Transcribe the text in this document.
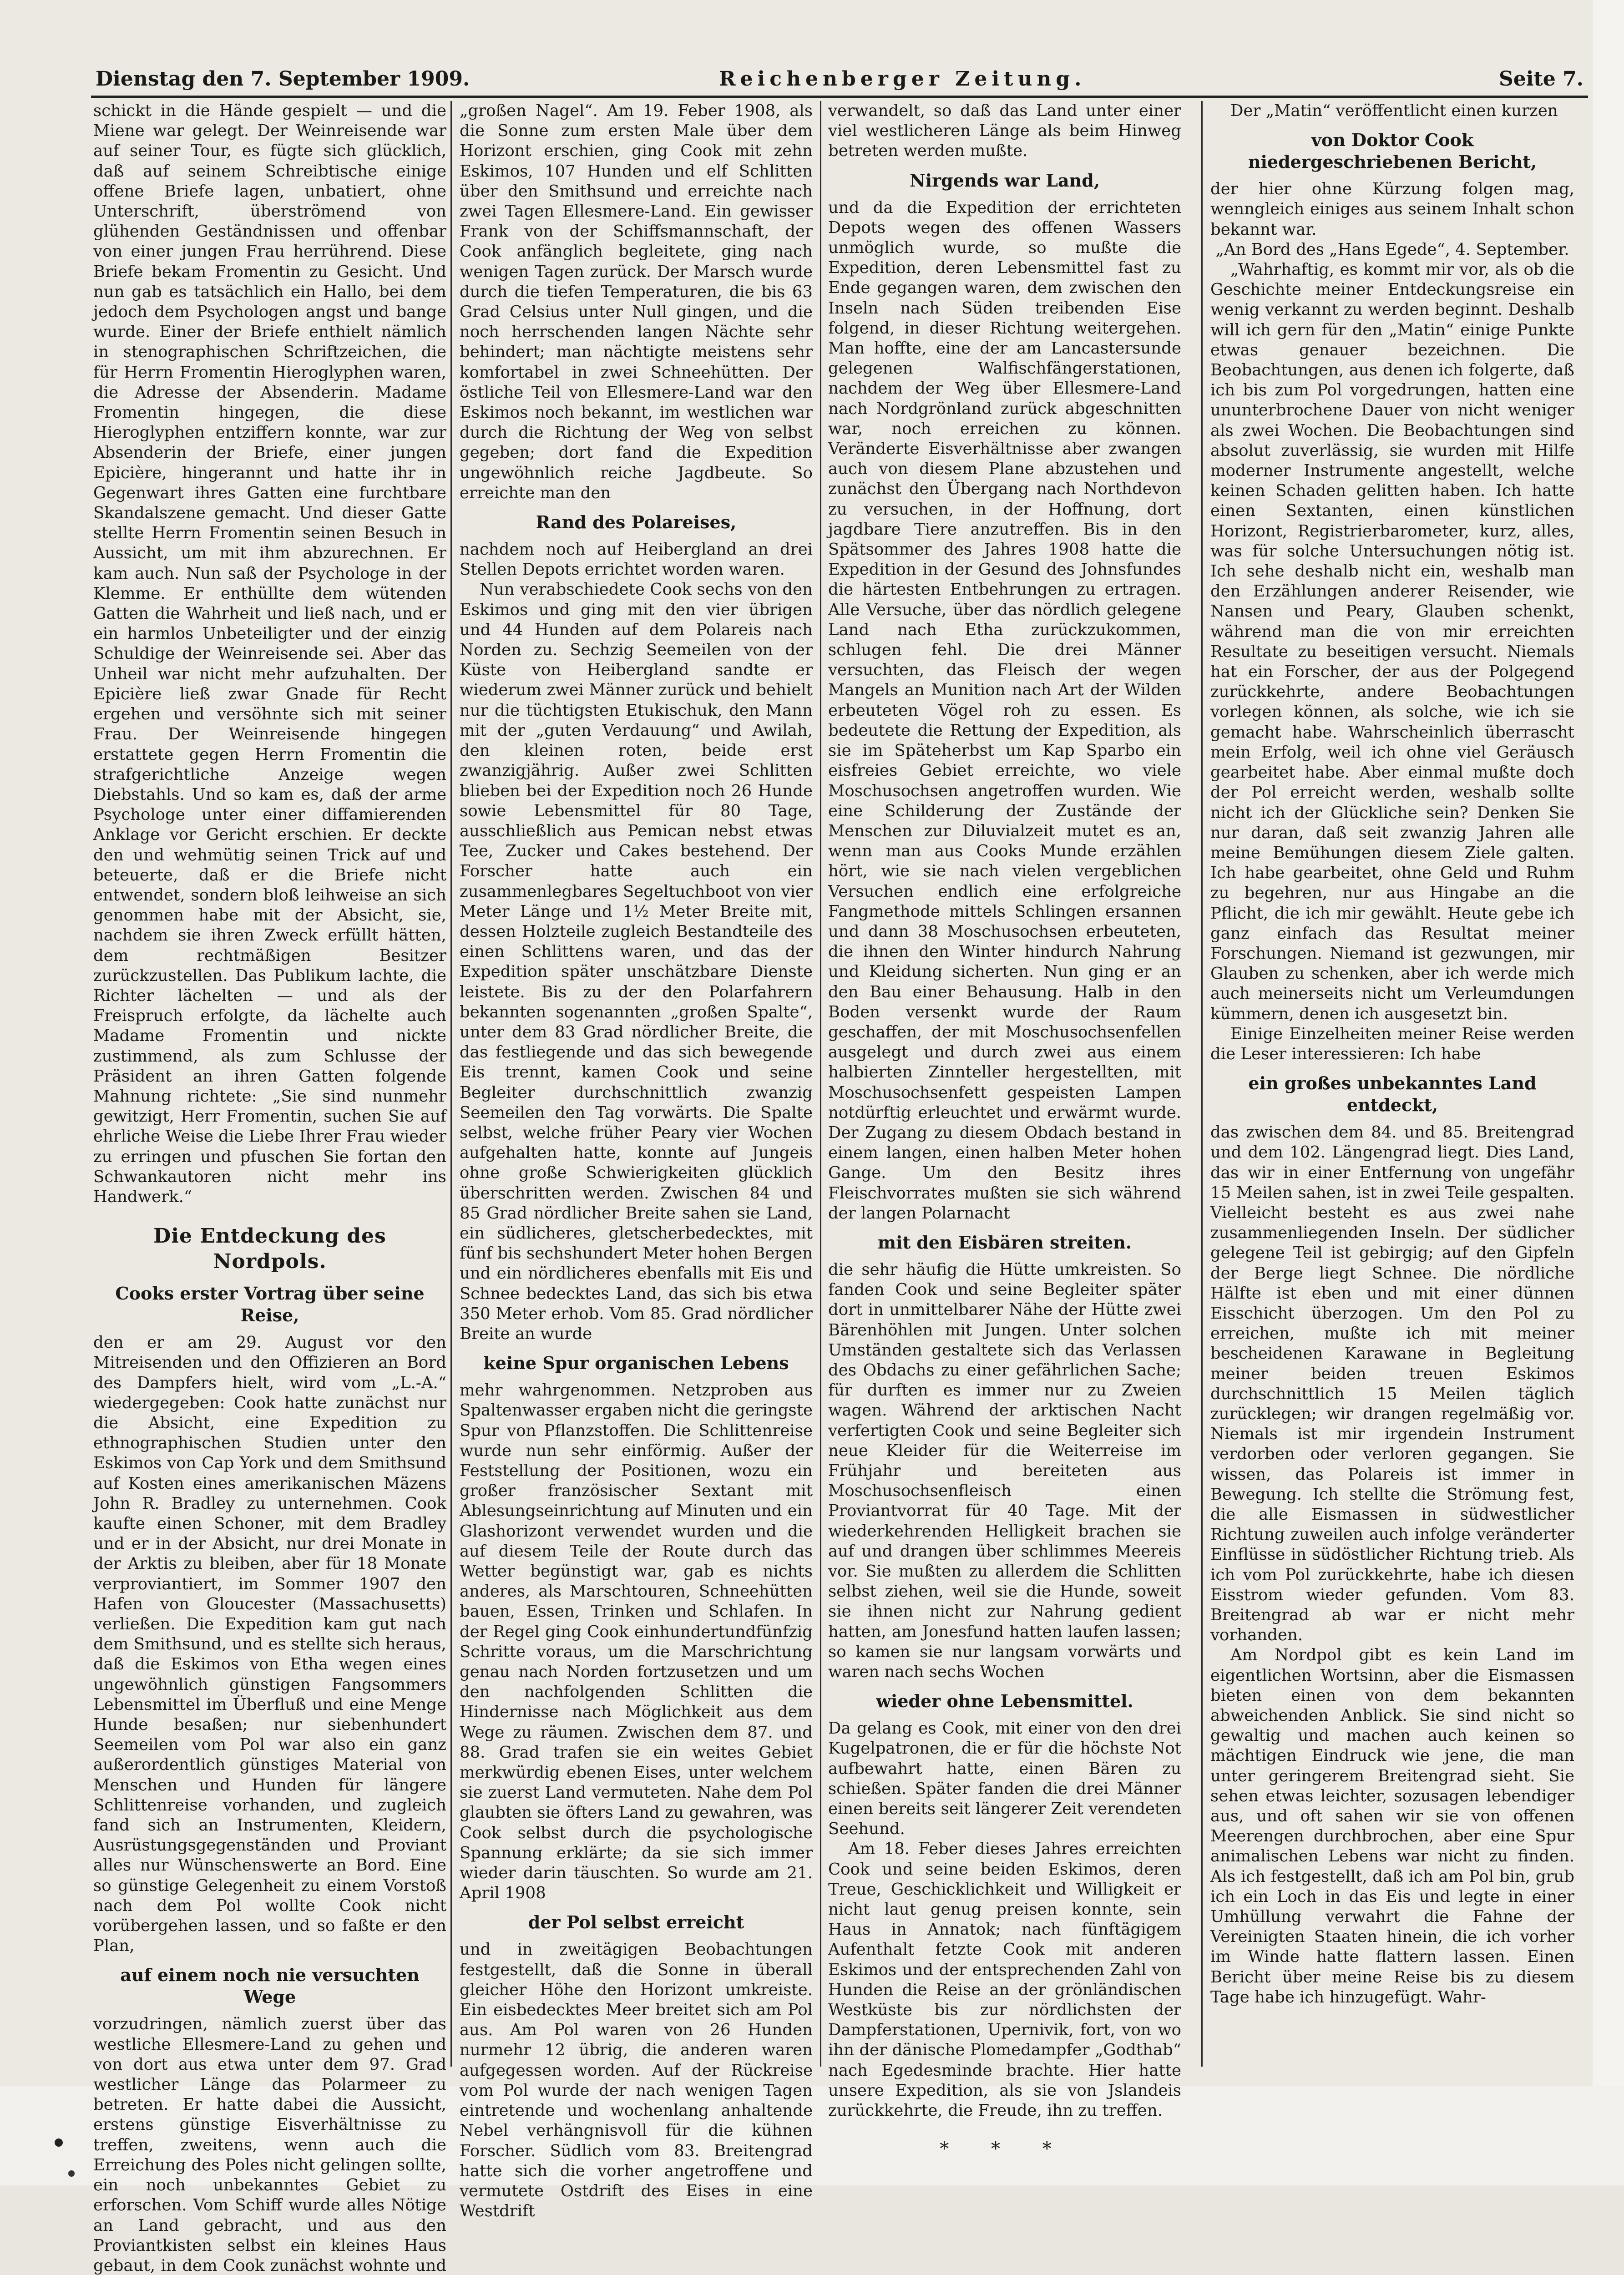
Dienstag den 7. September 1909.	Reichenberger Zeitung.	Seite 7.

schickt in die Hände gespielt — und die Miene war gelegt. Der Weinreisende war auf seiner Tour, es fügte sich glücklich, daß auf seinem Schreibtische einige offene Briefe lagen, unbatiert, ohne Unterschrift, überströmend von glühenden Geständnissen und offenbar von einer jungen Frau herrührend. Diese Briefe bekam Fromentin zu Gesicht. Und nun gab es tatsächlich ein Hallo, bei dem jedoch dem Psychologen angst und bange wurde. Einer der Briefe enthielt nämlich in stenographischen Schriftzeichen, die für Herrn Fromentin Hieroglyphen waren, die Adresse der Absenderin. Madame Fromentin hingegen, die diese Hieroglyphen entziffern konnte, war zur Absenderin der Briefe, einer jungen Epicière, hingerannt und hatte ihr in Gegenwart ihres Gatten eine furchtbare Skandalszene gemacht. Und dieser Gatte stellte Herrn Fromentin seinen Besuch in Aussicht, um mit ihm abzurechnen. Er kam auch. Nun saß der Psychologe in der Klemme. Er enthüllte dem wütenden Gatten die Wahrheit und ließ nach, und er ein harmlos Unbeteiligter und der einzig Schuldige der Weinreisende sei. Aber das Unheil war nicht mehr aufzuhalten. Der Epicière ließ zwar Gnade für Recht ergehen und versöhnte sich mit seiner Frau. Der Weinreisende hingegen erstattete gegen Herrn Fromentin die strafgerichtliche Anzeige wegen Diebstahls. Und so kam es, daß der arme Psychologe unter einer diffamierenden Anklage vor Gericht erschien. Er deckte den und wehmütig seinen Trick auf und beteuerte, daß er die Briefe nicht entwendet, sondern bloß leihweise an sich genommen habe mit der Absicht, sie, nachdem sie ihren Zweck erfüllt hätten, dem rechtmäßigen Besitzer zurückzustellen. Das Publikum lachte, die Richter lächelten — und als der Freispruch erfolgte, da lächelte auch Madame Fromentin und nickte zustimmend, als zum Schlusse der Präsident an ihren Gatten folgende Mahnung richtete: „Sie sind nunmehr gewitzigt, Herr Fromentin, suchen Sie auf ehrliche Weise die Liebe Ihrer Frau wieder zu erringen und pfuschen Sie fortan den Schwankautoren nicht mehr ins Handwerk.“

Die Entdeckung des Nordpols.
Cooks erster Vortrag über seine Reise,

den er am 29. August vor den Mitreisenden und den Offizieren an Bord des Dampfers hielt, wird vom „L.-A.“ wiedergegeben: Cook hatte zunächst nur die Absicht, eine Expedition zu ethnographischen Studien unter den Eskimos von Cap York und dem Smithsund auf Kosten eines amerikanischen Mäzens John R. Bradley zu unternehmen. Cook kaufte einen Schoner, mit dem Bradley und er in der Absicht, nur drei Monate in der Arktis zu bleiben, aber für 18 Monate verproviantiert, im Sommer 1907 den Hafen von Gloucester (Massachusetts) verließen. Die Expedition kam gut nach dem Smithsund, und es stellte sich heraus, daß die Eskimos von Etha wegen eines ungewöhnlich günstigen Fangsommers Lebensmittel im Überfluß und eine Menge Hunde besaßen; nur siebenhundert Seemeilen vom Pol war also ein ganz außerordentlich günstiges Material von Menschen und Hunden für längere Schlittenreise vorhanden, und zugleich fand sich an Instrumenten, Kleidern, Ausrüstungsgegenständen und Proviant alles nur Wünschenswerte an Bord. Eine so günstige Gelegenheit zu einem Vorstoß nach dem Pol wollte Cook nicht vorübergehen lassen, und so faßte er den Plan,

auf einem noch nie versuchten Wege

vorzudringen, nämlich zuerst über das westliche Ellesmere-Land zu gehen und von dort aus etwa unter dem 97. Grad westlicher Länge das Polarmeer zu betreten. Er hatte dabei die Aussicht, erstens günstige Eisverhältnisse zu treffen, zweitens, wenn auch die Erreichung des Poles nicht gelingen sollte, ein noch unbekanntes Gebiet zu erforschen. Vom Schiff wurde alles Nötige an Land gebracht, und aus den Proviantkisten selbst ein kleines Haus gebaut, in dem Cook zunächst wohnte und

„großen Nagel“. Am 19. Feber 1908, als die Sonne zum ersten Male über dem Horizont erschien, ging Cook mit zehn Eskimos, 107 Hunden und elf Schlitten über den Smithsund und erreichte nach zwei Tagen Ellesmere-Land. Ein gewisser Frank von der Schiffsmannschaft, der Cook anfänglich begleitete, ging nach wenigen Tagen zurück. Der Marsch wurde durch die tiefen Temperaturen, die bis 63 Grad Celsius unter Null gingen, und die noch herrschenden langen Nächte sehr behindert; man nächtigte meistens sehr komfortabel in zwei Schneehütten. Der östliche Teil von Ellesmere-Land war den Eskimos noch bekannt, im westlichen war durch die Richtung der Weg von selbst gegeben; dort fand die Expedition ungewöhnlich reiche Jagdbeute. So erreichte man den

Rand des Polareises,

nachdem noch auf Heibergland an drei Stellen Depots errichtet worden waren.

Nun verabschiedete Cook sechs von den Eskimos und ging mit den vier übrigen und 44 Hunden auf dem Polareis nach Norden zu. Sechzig Seemeilen von der Küste von Heibergland sandte er wiederum zwei Männer zurück und behielt nur die tüchtigsten Etukischuk, den Mann mit der „guten Verdauung“ und Awilah, den kleinen roten, beide erst zwanzigjährig. Außer zwei Schlitten blieben bei der Expedition noch 26 Hunde sowie Lebensmittel für 80 Tage, ausschließlich aus Pemican nebst etwas Tee, Zucker und Cakes bestehend. Der Forscher hatte auch ein zusammenlegbares Segeltuchboot von vier Meter Länge und 1½ Meter Breite mit, dessen Holzteile zugleich Bestandteile des einen Schlittens waren, und das der Expedition später unschätzbare Dienste leistete. Bis zu der den Polarfahrern bekannten sogenannten „großen Spalte“, unter dem 83 Grad nördlicher Breite, die das festliegende und das sich bewegende Eis trennt, kamen Cook und seine Begleiter durchschnittlich zwanzig Seemeilen den Tag vorwärts. Die Spalte selbst, welche früher Peary vier Wochen aufgehalten hatte, konnte auf Jungeis ohne große Schwierigkeiten glücklich überschritten werden. Zwischen 84 und 85 Grad nördlicher Breite sahen sie Land, ein südlicheres, gletscherbedecktes, mit fünf bis sechshundert Meter hohen Bergen und ein nördlicheres ebenfalls mit Eis und Schnee bedecktes Land, das sich bis etwa 350 Meter erhob. Vom 85. Grad nördlicher Breite an wurde

keine Spur organischen Lebens

mehr wahrgenommen. Netzproben aus Spaltenwasser ergaben nicht die geringste Spur von Pflanzstoffen. Die Schlittenreise wurde nun sehr einförmig. Außer der Feststellung der Positionen, wozu ein großer französischer Sextant mit Ablesungseinrichtung auf Minuten und ein Glashorizont verwendet wurden und die auf diesem Teile der Route durch das Wetter begünstigt war, gab es nichts anderes, als Marschtouren, Schneehütten bauen, Essen, Trinken und Schlafen. In der Regel ging Cook einhundertundfünfzig Schritte voraus, um die Marschrichtung genau nach Norden fortzusetzen und um den nachfolgenden Schlitten die Hindernisse nach Möglichkeit aus dem Wege zu räumen. Zwischen dem 87. und 88. Grad trafen sie ein weites Gebiet merkwürdig ebenen Eises, unter welchem sie zuerst Land vermuteten. Nahe dem Pol glaubten sie öfters Land zu gewahren, was Cook selbst durch die psychologische Spannung erklärte; da sie sich immer wieder darin täuschten. So wurde am 21. April 1908

der Pol selbst erreicht

und in zweitägigen Beobachtungen festgestellt, daß die Sonne in überall gleicher Höhe den Horizont umkreiste. Ein eisbedecktes Meer breitet sich am Pol aus. Am Pol waren von 26 Hunden nurmehr 12 übrig, die anderen waren aufgegessen worden. Auf der Rückreise vom Pol wurde der nach wenigen Tagen eintretende und wochenlang anhaltende Nebel verhängnisvoll für die kühnen Forscher. Südlich vom 83. Breitengrad hatte sich die vorher angetroffene und vermutete Ostdrift des Eises in eine Westdrift

verwandelt, so daß das Land unter einer viel westlicheren Länge als beim Hinweg betreten werden mußte.

Nirgends war Land,

und da die Expedition der errichteten Depots wegen des offenen Wassers unmöglich wurde, so mußte die Expedition, deren Lebensmittel fast zu Ende gegangen waren, dem zwischen den Inseln nach Süden treibenden Eise folgend, in dieser Richtung weitergehen. Man hoffte, eine der am Lancastersunde gelegenen Walfischfängerstationen, nachdem der Weg über Ellesmere-Land nach Nordgrönland zurück abgeschnitten war, noch erreichen zu können. Veränderte Eisverhältnisse aber zwangen auch von diesem Plane abzustehen und zunächst den Übergang nach Northdevon zu versuchen, in der Hoffnung, dort jagdbare Tiere anzutreffen. Bis in den Spätsommer des Jahres 1908 hatte die Expedition in der Gesund des Johnsfundes die härtesten Entbehrungen zu ertragen. Alle Versuche, über das nördlich gelegene Land nach Etha zurückzukommen, schlugen fehl. Die drei Männer versuchten, das Fleisch der wegen Mangels an Munition nach Art der Wilden erbeuteten Vögel roh zu essen. Es bedeutete die Rettung der Expedition, als sie im Späteherbst um Kap Sparbo ein eisfreies Gebiet erreichte, wo viele Moschusochsen angetroffen wurden. Wie eine Schilderung der Zustände der Menschen zur Diluvialzeit mutet es an, wenn man aus Cooks Munde erzählen hört, wie sie nach vielen vergeblichen Versuchen endlich eine erfolgreiche Fangmethode mittels Schlingen ersannen und dann 38 Moschusochsen erbeuteten, die ihnen den Winter hindurch Nahrung und Kleidung sicherten. Nun ging er an den Bau einer Behausung. Halb in den Boden versenkt wurde der Raum geschaffen, der mit Moschusochsenfellen ausgelegt und durch zwei aus einem halbierten Zinnteller hergestellten, mit Moschusochsenfett gespeisten Lampen notdürftig erleuchtet und erwärmt wurde. Der Zugang zu diesem Obdach bestand in einem langen, einen halben Meter hohen Gange. Um den Besitz ihres Fleischvorrates mußten sie sich während der langen Polarnacht

mit den Eisbären streiten.

die sehr häufig die Hütte umkreisten. So fanden Cook und seine Begleiter später dort in unmittelbarer Nähe der Hütte zwei Bärenhöhlen mit Jungen. Unter solchen Umständen gestaltete sich das Verlassen des Obdachs zu einer gefährlichen Sache; für durften es immer nur zu Zweien wagen. Während der arktischen Nacht verfertigten Cook und seine Begleiter sich neue Kleider für die Weiterreise im Frühjahr und bereiteten aus Moschusochsenfleisch einen Proviantvorrat für 40 Tage. Mit der wiederkehrenden Helligkeit brachen sie auf und drangen über schlimmes Meereis vor. Sie mußten zu allerdem die Schlitten selbst ziehen, weil sie die Hunde, soweit sie ihnen nicht zur Nahrung gedient hatten, am Jonesfund hatten laufen lassen; so kamen sie nur langsam vorwärts und waren nach sechs Wochen

wieder ohne Lebensmittel.

Da gelang es Cook, mit einer von den drei Kugelpatronen, die er für die höchste Not aufbewahrt hatte, einen Bären zu schießen. Später fanden die drei Männer einen bereits seit längerer Zeit verendeten Seehund.

Am 18. Feber dieses Jahres erreichten Cook und seine beiden Eskimos, deren Treue, Geschicklichkeit und Willigkeit er nicht laut genug preisen konnte, sein Haus in Annatok; nach fünftägigem Aufenthalt fetzte Cook mit anderen Eskimos und der entsprechenden Zahl von Hunden die Reise an der grönländischen Westküste bis zur nördlichsten der Dampferstationen, Upernivik, fort, von wo ihn der dänische Plomedampfer „Godthab“ nach Egedesminde brachte. Hier hatte unsere Expedition, als sie von Jslandeis zurückkehrte, die Freude, ihn zu treffen.

* * *

Der „Matin“ veröffentlicht einen kurzen

von Doktor Cook niedergeschriebenen Bericht,

der hier ohne Kürzung folgen mag, wenngleich einiges aus seinem Inhalt schon bekannt war.

„An Bord des „Hans Egede“, 4. September.

„Wahrhaftig, es kommt mir vor, als ob die Geschichte meiner Entdeckungsreise ein wenig verkannt zu werden beginnt. Deshalb will ich gern für den „Matin“ einige Punkte etwas genauer bezeichnen. Die Beobachtungen, aus denen ich folgerte, daß ich bis zum Pol vorgedrungen, hatten eine ununterbrochene Dauer von nicht weniger als zwei Wochen. Die Beobachtungen sind absolut zuverlässig, sie wurden mit Hilfe moderner Instrumente angestellt, welche keinen Schaden gelitten haben. Ich hatte einen Sextanten, einen künstlichen Horizont, Registrierbarometer, kurz, alles, was für solche Untersuchungen nötig ist. Ich sehe deshalb nicht ein, weshalb man den Erzählungen anderer Reisender, wie Nansen und Peary, Glauben schenkt, während man die von mir erreichten Resultate zu beseitigen versucht. Niemals hat ein Forscher, der aus der Polgegend zurückkehrte, andere Beobachtungen vorlegen können, als solche, wie ich sie gemacht habe. Wahrscheinlich überrascht mein Erfolg, weil ich ohne viel Geräusch gearbeitet habe. Aber einmal mußte doch der Pol erreicht werden, weshalb sollte nicht ich der Glückliche sein? Denken Sie nur daran, daß seit zwanzig Jahren alle meine Bemühungen diesem Ziele galten. Ich habe gearbeitet, ohne Geld und Ruhm zu begehren, nur aus Hingabe an die Pflicht, die ich mir gewählt. Heute gebe ich ganz einfach das Resultat meiner Forschungen. Niemand ist gezwungen, mir Glauben zu schenken, aber ich werde mich auch meinerseits nicht um Verleumdungen kümmern, denen ich ausgesetzt bin.

Einige Einzelheiten meiner Reise werden die Leser interessieren: Ich habe

ein großes unbekanntes Land entdeckt,

das zwischen dem 84. und 85. Breitengrad und dem 102. Längengrad liegt. Dies Land, das wir in einer Entfernung von ungefähr 15 Meilen sahen, ist in zwei Teile gespalten. Vielleicht besteht es aus zwei nahe zusammenliegenden Inseln. Der südlicher gelegene Teil ist gebirgig; auf den Gipfeln der Berge liegt Schnee. Die nördliche Hälfte ist eben und mit einer dünnen Eisschicht überzogen. Um den Pol zu erreichen, mußte ich mit meiner bescheidenen Karawane in Begleitung meiner beiden treuen Eskimos durchschnittlich 15 Meilen täglich zurücklegen; wir drangen regelmäßig vor. Niemals ist mir irgendein Instrument verdorben oder verloren gegangen. Sie wissen, das Polareis ist immer in Bewegung. Ich stellte die Strömung fest, die alle Eismassen in südwestlicher Richtung zuweilen auch infolge veränderter Einflüsse in südöstlicher Richtung trieb. Als ich vom Pol zurückkehrte, habe ich diesen Eisstrom wieder gefunden. Vom 83. Breitengrad ab war er nicht mehr vorhanden.

Am Nordpol gibt es kein Land im eigentlichen Wortsinn, aber die Eismassen bieten einen von dem bekannten abweichenden Anblick. Sie sind nicht so gewaltig und machen auch keinen so mächtigen Eindruck wie jene, die man unter geringerem Breitengrad sieht. Sie sehen etwas leichter, sozusagen lebendiger aus, und oft sahen wir sie von offenen Meerengen durchbrochen, aber eine Spur animalischen Lebens war nicht zu finden. Als ich festgestellt, daß ich am Pol bin, grub ich ein Loch in das Eis und legte in einer Umhüllung verwahrt die Fahne der Vereinigten Staaten hinein, die ich vorher im Winde hatte flattern lassen. Einen Bericht über meine Reise bis zu diesem Tage habe ich hinzugefügt. Wahr-
